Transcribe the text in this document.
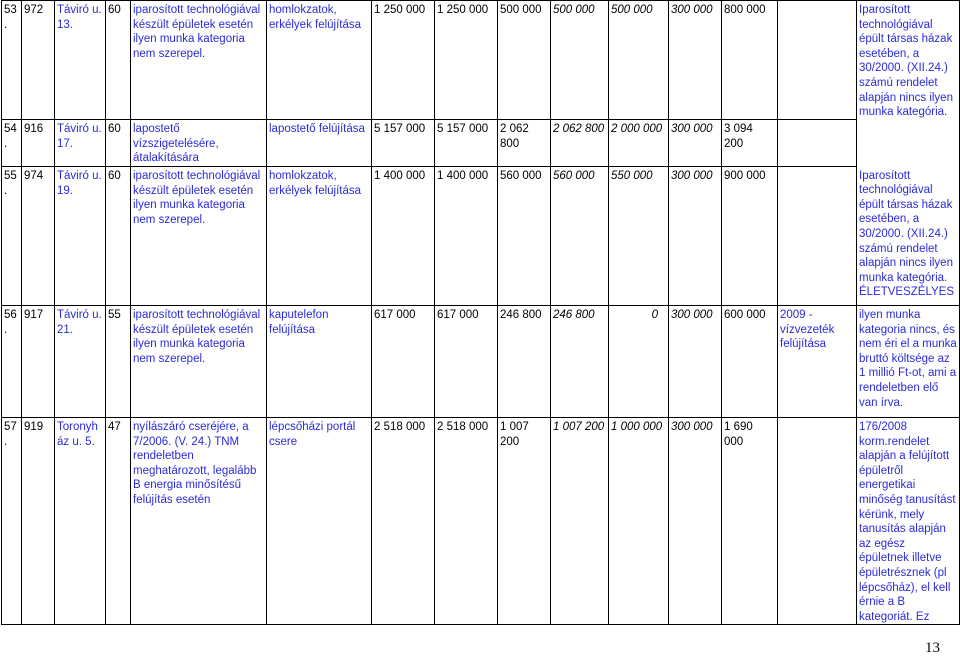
53.	972	Táviró u. 13.	60	iparosított technológiával készült épületek esetén ilyen munka kategoria nem szerepel.	homlokzatok, erkélyek felújítása	1 250 000	1 250 000	500 000	500 000	500 000	300 000	800 000		Iparosított technológiával épült társas házak esetében, a 30/2000. (XII.24.) számú rendelet alapján nincs ilyen munka kategória.
54.	916	Táviró u. 17.	60	lapostető vízszigetelésére, átalakítására	lapostető felújítása	5 157 000	5 157 000	2 062 800	2 062 800	2 000 000	300 000	3 094 200		
55.	974	Táviró u. 19.	60	iparosított technológiával készült épületek esetén ilyen munka kategoria nem szerepel.	homlokzatok, erkélyek felújítása	1 400 000	1 400 000	560 000	560 000	550 000	300 000	900 000		Iparosított technológiával épült társas házak esetében, a 30/2000. (XII.24.) számú rendelet alapján nincs ilyen munka kategória. ÉLETVESZÉLYES
56.	917	Táviró u. 21.	55	iparosított technológiával készült épületek esetén ilyen munka kategoria nem szerepel.	kaputelefon felújítása	617 000	617 000	246 800	246 800	0	300 000	600 000	2009 - vízvezeték felújítása	ilyen munka kategoria nincs, és nem éri el a munka bruttó költsége az 1 millió Ft-ot, ami a rendeletben elő van írva.
57.	919	Toronyház u. 5.	47	nyílászáró cseréjére, a 7/2006. (V. 24.) TNM rendeletben meghatározott, legalább B energia minősítésű felújítás esetén	lépcsőházi portál csere	2 518 000	2 518 000	1 007 200	1 007 200	1 000 000	300 000	1 690 000		176/2008 korm.rendelet alapján a felújított épületről energetikai minőség tanusítást kérünk, mely tanusítás alapján az egész épületnek illetve épületrésznek (pl lépcsőház), el kell érnie a B kategoriát. Ez
13
